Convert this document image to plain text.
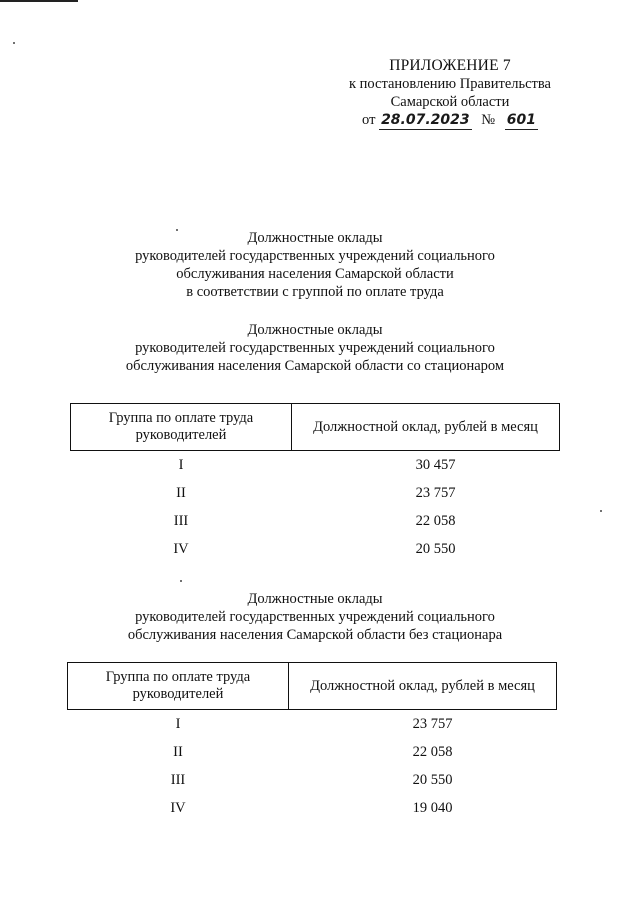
ПРИЛОЖЕНИЕ 7
к постановлению Правительства
Самарской области
от 28.07.2023 № 601

Должностные оклады

руководителей государственных учреждений социального

обслуживания населения Самарской области

в соответствии с группой по оплате труда

Должностные оклады

руководителей государственных учреждений социального

обслуживания населения Самарской области со стационаром

Группа по оплате труда руководителей	Должностной оклад, рублей в месяц
I	30 457
II	23 757
III	22 058
IV	20 550

Должностные оклады

руководителей государственных учреждений социального

обслуживания населения Самарской области без стационара

Группа по оплате труда руководителей	Должностной оклад, рублей в месяц
I	23 757
II	22 058
III	20 550
IV	19 040
